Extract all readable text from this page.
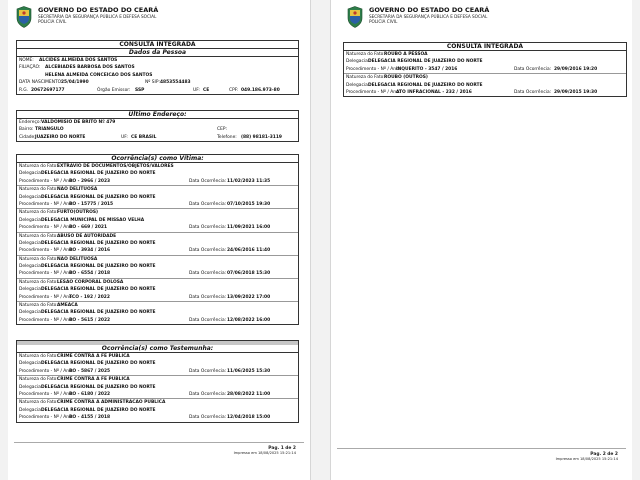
GOVERNO DO ESTADO DO CEARÁ
SECRETARIA DA SEGURANÇA PÚBLICA E DEFESA SOCIAL
POLICIA CIVIL
CONSULTA INTEGRADA
Dados da Pessoa
NOME: ALCIDES ALMEIDA DOS SANTOS
FILIAÇÃO: ALCEBIADES BARBOSA DOS SANTOS
HELENA ALMEIDA CONCEICAO DOS SANTOS
DATA NASCIMENTO:
25/04/1990	Nº SIP: 4853554483
R.G. 20672697177	Órgão Emissor: SSP	UF: CE	CPF: 049.186.973-80
Último Endereço:
Endereço: VALDOMISIO DE BRITO Nº 479
Bairro: TRIANGULO	CEP:
Cidade: JUAZEIRO DO NORTE	UF: CE BRASIL	Telefone: (88) 98181-3119
Ocorrência(s) como Vítima:
Natureza do Fato: EXTRAVIO DE DOCUMENTOS/OBJETOS/VALORES
Delegacia:
DELEGACIA REGIONAL DE JUAZEIRO DO NORTE
Procedimento - Nº / Ano:
BO - 2966 / 2023	Data Ocorrência: 11/02/2023 11:35
Natureza do Fato: NAO DELITUOSA
Delegacia:
DELEGACIA REGIONAL DE JUAZEIRO DO NORTE
Procedimento - Nº / Ano:
BO - 15775 / 2015	Data Ocorrência: 07/10/2015 19:30
Natureza do Fato: FURTO(OUTROS)
Delegacia:
DELEGACIA MUNICIPAL DE MISSAO VELHA
Procedimento - Nº / Ano:
BO - 669 / 2021	Data Ocorrência: 11/09/2021 16:00
Natureza do Fato: ABUSO DE AUTORIDADE
Delegacia:
DELEGACIA REGIONAL DE JUAZEIRO DO NORTE
Procedimento - Nº / Ano:
BO - 3934 / 2016	Data Ocorrência: 24/06/2016 11:40
Natureza do Fato: NAO DELITUOSA
Delegacia:
DELEGACIA REGIONAL DE JUAZEIRO DO NORTE
Procedimento - Nº / Ano:
BO - 6554 / 2018	Data Ocorrência: 07/06/2018 15:30
Natureza do Fato: LESAO CORPORAL DOLOSA
Delegacia:
DELEGACIA REGIONAL DE JUAZEIRO DO NORTE
Procedimento - Nº / Ano:
TCO - 192 / 2022	Data Ocorrência: 13/09/2022 17:00
Natureza do Fato: AMEACA
Delegacia:
DELEGACIA REGIONAL DE JUAZEIRO DO NORTE
Procedimento - Nº / Ano:
BO - 5615 / 2022	Data Ocorrência: 12/08/2022 16:00
Ocorrência(s) como Testemunha:
Natureza do Fato: CRIME CONTRA A FE PUBLICA
Delegacia:
DELEGACIA REGIONAL DE JUAZEIRO DO NORTE
Procedimento - Nº / Ano:
BO - 5867 / 2025	Data Ocorrência: 11/06/2025 15:30
Natureza do Fato: CRIME CONTRA A FE PUBLICA
Delegacia:
DELEGACIA REGIONAL DE JUAZEIRO DO NORTE
Procedimento - Nº / Ano:
BO - 6180 / 2022	Data Ocorrência: 28/08/2022 11:00
Natureza do Fato: CRIME CONTRA A ADMINISTRACAO PUBLICA
Delegacia:
DELEGACIA REGIONAL DE JUAZEIRO DO NORTE
Procedimento - Nº / Ano:
BO - 4155 / 2018	Data Ocorrência: 12/04/2018 15:00
Pag. 1 de 2
Impresso em 18/08/2025 15:21:14
GOVERNO DO ESTADO DO CEARÁ
SECRETARIA DA SEGURANÇA PÚBLICA E DEFESA SOCIAL
POLICIA CIVIL
CONSULTA INTEGRADA
Natureza do Fato: ROUBO A PESSOA
Delegacia:
DELEGACIA REGIONAL DE JUAZEIRO DO NORTE
Procedimento - Nº / Ano:
INQUERITO - 3547 / 2016	Data Ocorrência: 29/09/2016 19:20
Natureza do Fato: ROUBO (OUTROS)
Delegacia:
DELEGACIA REGIONAL DE JUAZEIRO DO NORTE
Procedimento - Nº / Ano:
ATO INFRACIONAL - 232 / 2016	Data Ocorrência: 29/09/2015 19:30
Pag. 2 de 2
Impresso em 18/08/2025 15:21:14
